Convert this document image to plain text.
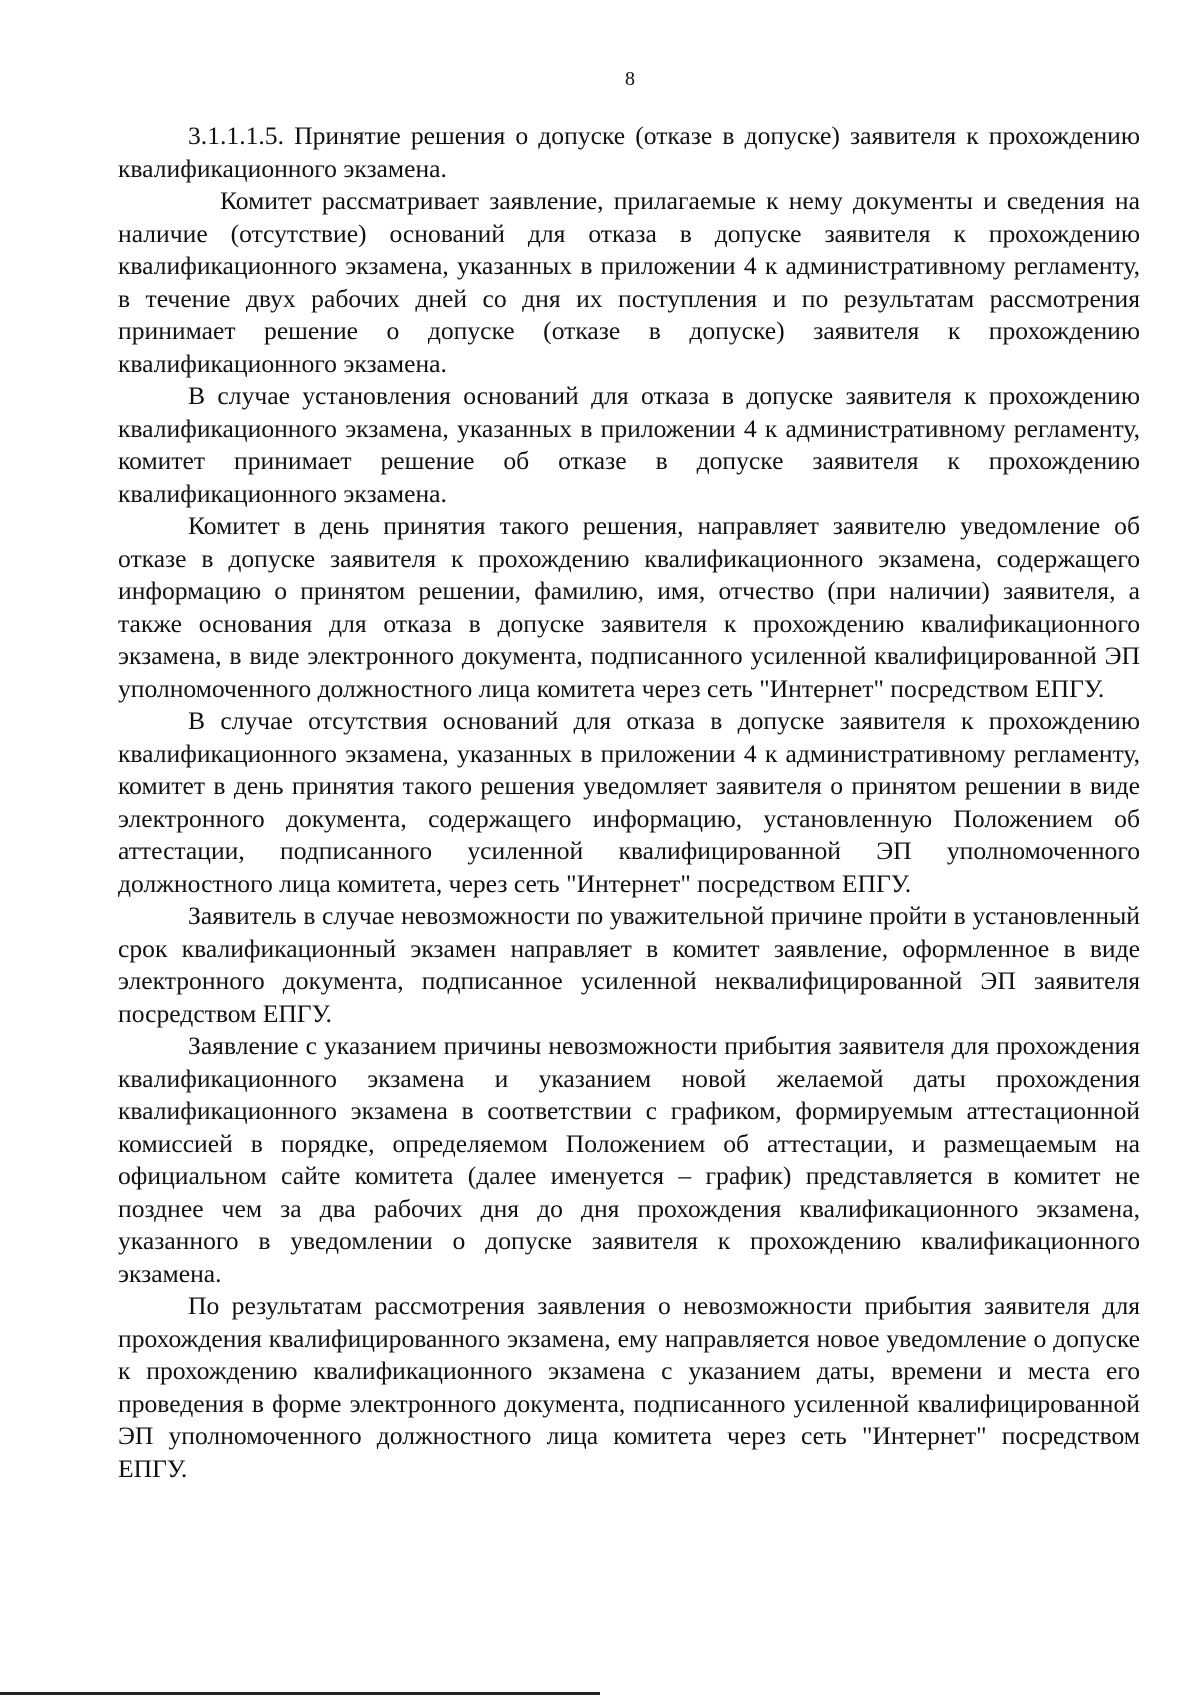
8

3.1.1.1.5. Принятие решения о допуске (отказе в допуске) заявителя к прохождению квалификационного экзамена.

Комитет рассматривает заявление, прилагаемые к нему документы и сведения на наличие (отсутствие) оснований для отказа в допуске заявителя к прохождению квалификационного экзамена, указанных в приложении 4 к административному регламенту, в течение двух рабочих дней со дня их поступления и по результатам рассмотрения принимает решение о допуске (отказе в допуске) заявителя к прохождению квалификационного экзамена.

В случае установления оснований для отказа в допуске заявителя к прохождению квалификационного экзамена, указанных в приложении 4 к административному регламенту, комитет принимает решение об отказе в допуске заявителя к прохождению квалификационного экзамена.

Комитет в день принятия такого решения, направляет заявителю уведомление об отказе в допуске заявителя к прохождению квалификационного экзамена, содержащего информацию о принятом решении, фамилию, имя, отчество (при наличии) заявителя, а также основания для отказа в допуске заявителя к прохождению квалификационного экзамена, в виде электронного документа, подписанного усиленной квалифицированной ЭП уполномоченного должностного лица комитета через сеть "Интернет" посредством ЕПГУ.

В случае отсутствия оснований для отказа в допуске заявителя к прохождению квалификационного экзамена, указанных в приложении 4 к административному регламенту, комитет в день принятия такого решения уведомляет заявителя о принятом решении в виде электронного документа, содержащего информацию, установленную Положением об аттестации, подписанного усиленной квалифицированной ЭП уполномоченного должностного лица комитета, через сеть "Интернет" посредством ЕПГУ.

Заявитель в случае невозможности по уважительной причине пройти в установленный срок квалификационный экзамен направляет в комитет заявление, оформленное в виде электронного документа, подписанное усиленной неквалифицированной ЭП заявителя посредством ЕПГУ.

Заявление с указанием причины невозможности прибытия заявителя для прохождения квалификационного экзамена и указанием новой желаемой даты прохождения квалификационного экзамена в соответствии с графиком, формируемым аттестационной комиссией в порядке, определяемом Положением об аттестации, и размещаемым на официальном сайте комитета (далее именуется – график) представляется в комитет не позднее чем за два рабочих дня до дня прохождения квалификационного экзамена, указанного в уведомлении о допуске заявителя к прохождению квалификационного экзамена.

По результатам рассмотрения заявления о невозможности прибытия заявителя для прохождения квалифицированного экзамена, ему направляется новое уведомление о допуске к прохождению квалификационного экзамена с указанием даты, времени и места его проведения в форме электронного документа, подписанного усиленной квалифицированной ЭП уполномоченного должностного лица комитета через сеть "Интернет" посредством ЕПГУ.
